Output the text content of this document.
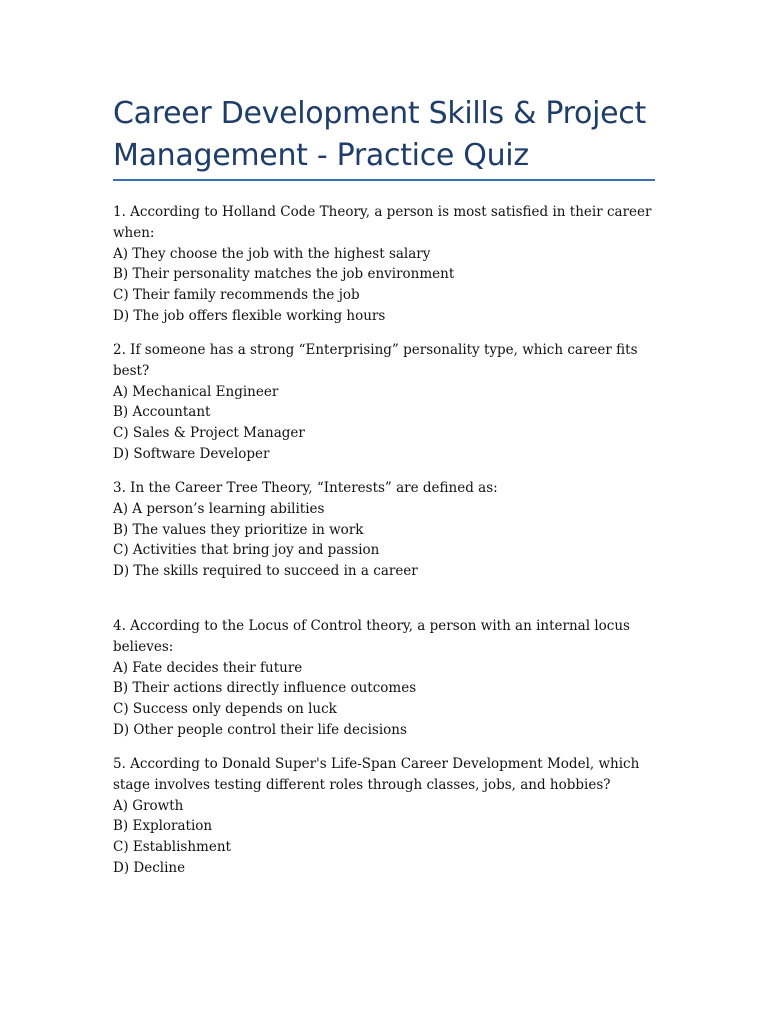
Career Development Skills & Project Management - Practice Quiz

1. According to Holland Code Theory, a person is most satisfied in their career when:

A) They choose the job with the highest salary

B) Their personality matches the job environment

C) Their family recommends the job

D) The job offers flexible working hours

2. If someone has a strong “Enterprising” personality type, which career fits best?

A) Mechanical Engineer

B) Accountant

C) Sales & Project Manager

D) Software Developer

3. In the Career Tree Theory, “Interests” are defined as:

A) A person’s learning abilities

B) The values they prioritize in work

C) Activities that bring joy and passion

D) The skills required to succeed in a career

4. According to the Locus of Control theory, a person with an internal locus believes:

A) Fate decides their future

B) Their actions directly influence outcomes

C) Success only depends on luck

D) Other people control their life decisions

5. According to Donald Super's Life-Span Career Development Model, which stage involves testing different roles through classes, jobs, and hobbies?

A) Growth

B) Exploration

C) Establishment

D) Decline
